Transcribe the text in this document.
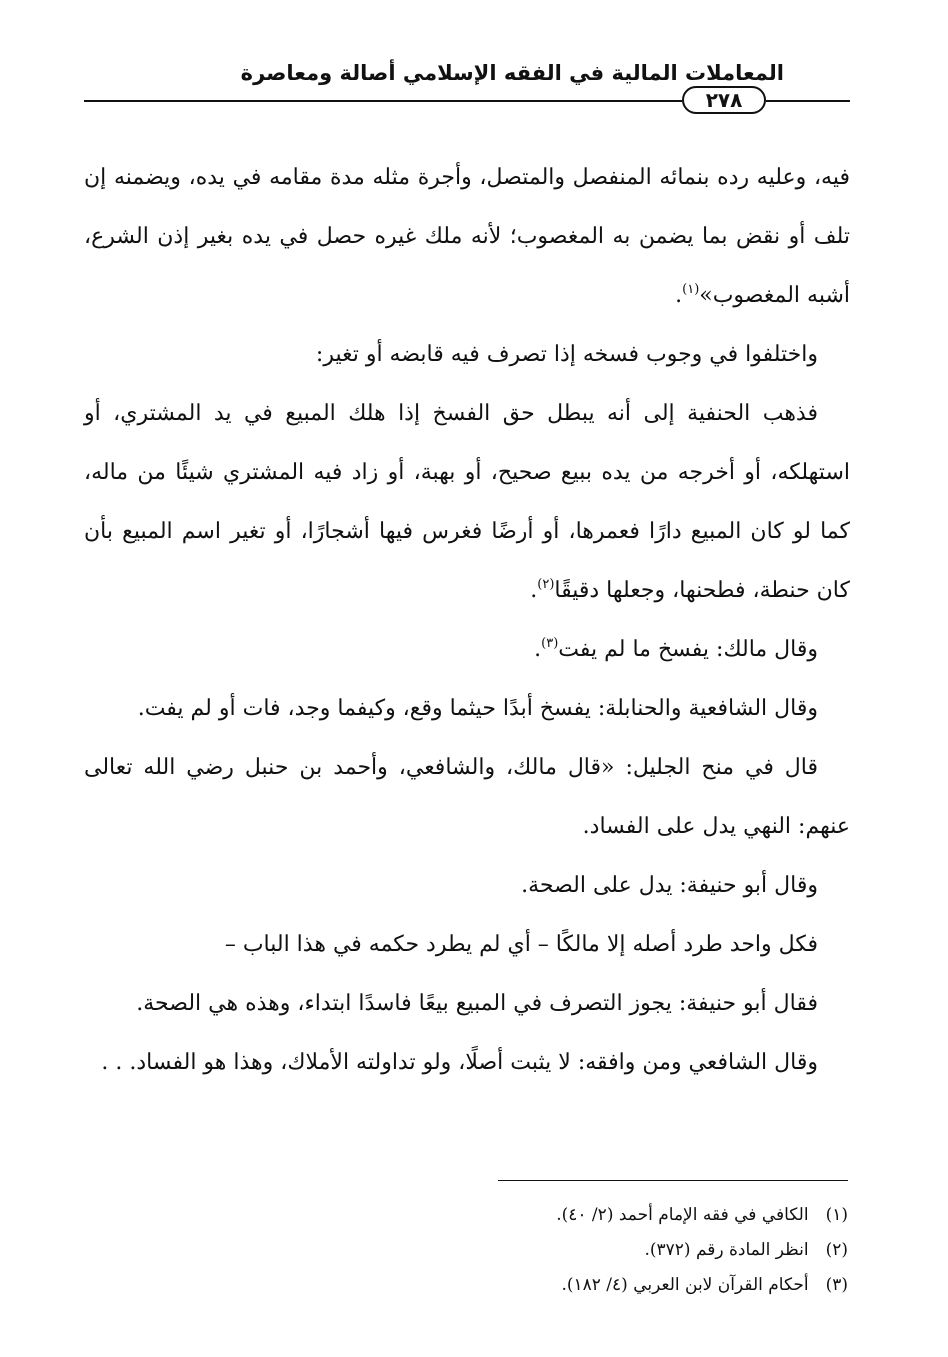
المعاملات المالية في الفقه الإسلامي أصالة ومعاصرة
٢٧٨

فيه، وعليه رده بنمائه المنفصل والمتصل، وأجرة مثله مدة مقامه في يده، ويضمنه إن تلف أو نقض بما يضمن به المغصوب؛ لأنه ملك غيره حصل في يده بغير إذن الشرع، أشبه المغصوب»$^{(١)}$.

واختلفوا في وجوب فسخه إذا تصرف فيه قابضه أو تغير:

فذهب الحنفية إلى أنه يبطل حق الفسخ إذا هلك المبيع في يد المشتري، أو استهلكه، أو أخرجه من يده ببيع صحيح، أو بهبة، أو زاد فيه المشتري شيئًا من ماله، كما لو كان المبيع دارًا فعمرها، أو أرضًا فغرس فيها أشجارًا، أو تغير اسم المبيع بأن كان حنطة، فطحنها، وجعلها دقيقًا$^{(٢)}$.

وقال مالك: يفسخ ما لم يفت$^{(٣)}$.

وقال الشافعية والحنابلة: يفسخ أبدًا حيثما وقع، وكيفما وجد، فات أو لم يفت.

قال في منح الجليل: «قال مالك، والشافعي، وأحمد بن حنبل رضي الله تعالى عنهم: النهي يدل على الفساد.

وقال أبو حنيفة: يدل على الصحة.

فكل واحد طرد أصله إلا مالكًا – أي لم يطرد حكمه في هذا الباب –

فقال أبو حنيفة: يجوز التصرف في المبيع بيعًا فاسدًا ابتداء، وهذه هي الصحة.

وقال الشافعي ومن وافقه: لا يثبت أصلًا، ولو تداولته الأملاك، وهذا هو الفساد. . .

(١) الكافي في فقه الإمام أحمد (٢/ ٤٠).

(٢) انظر المادة رقم (٣٧٢).

(٣) أحكام القرآن لابن العربي (٤/ ١٨٢).
